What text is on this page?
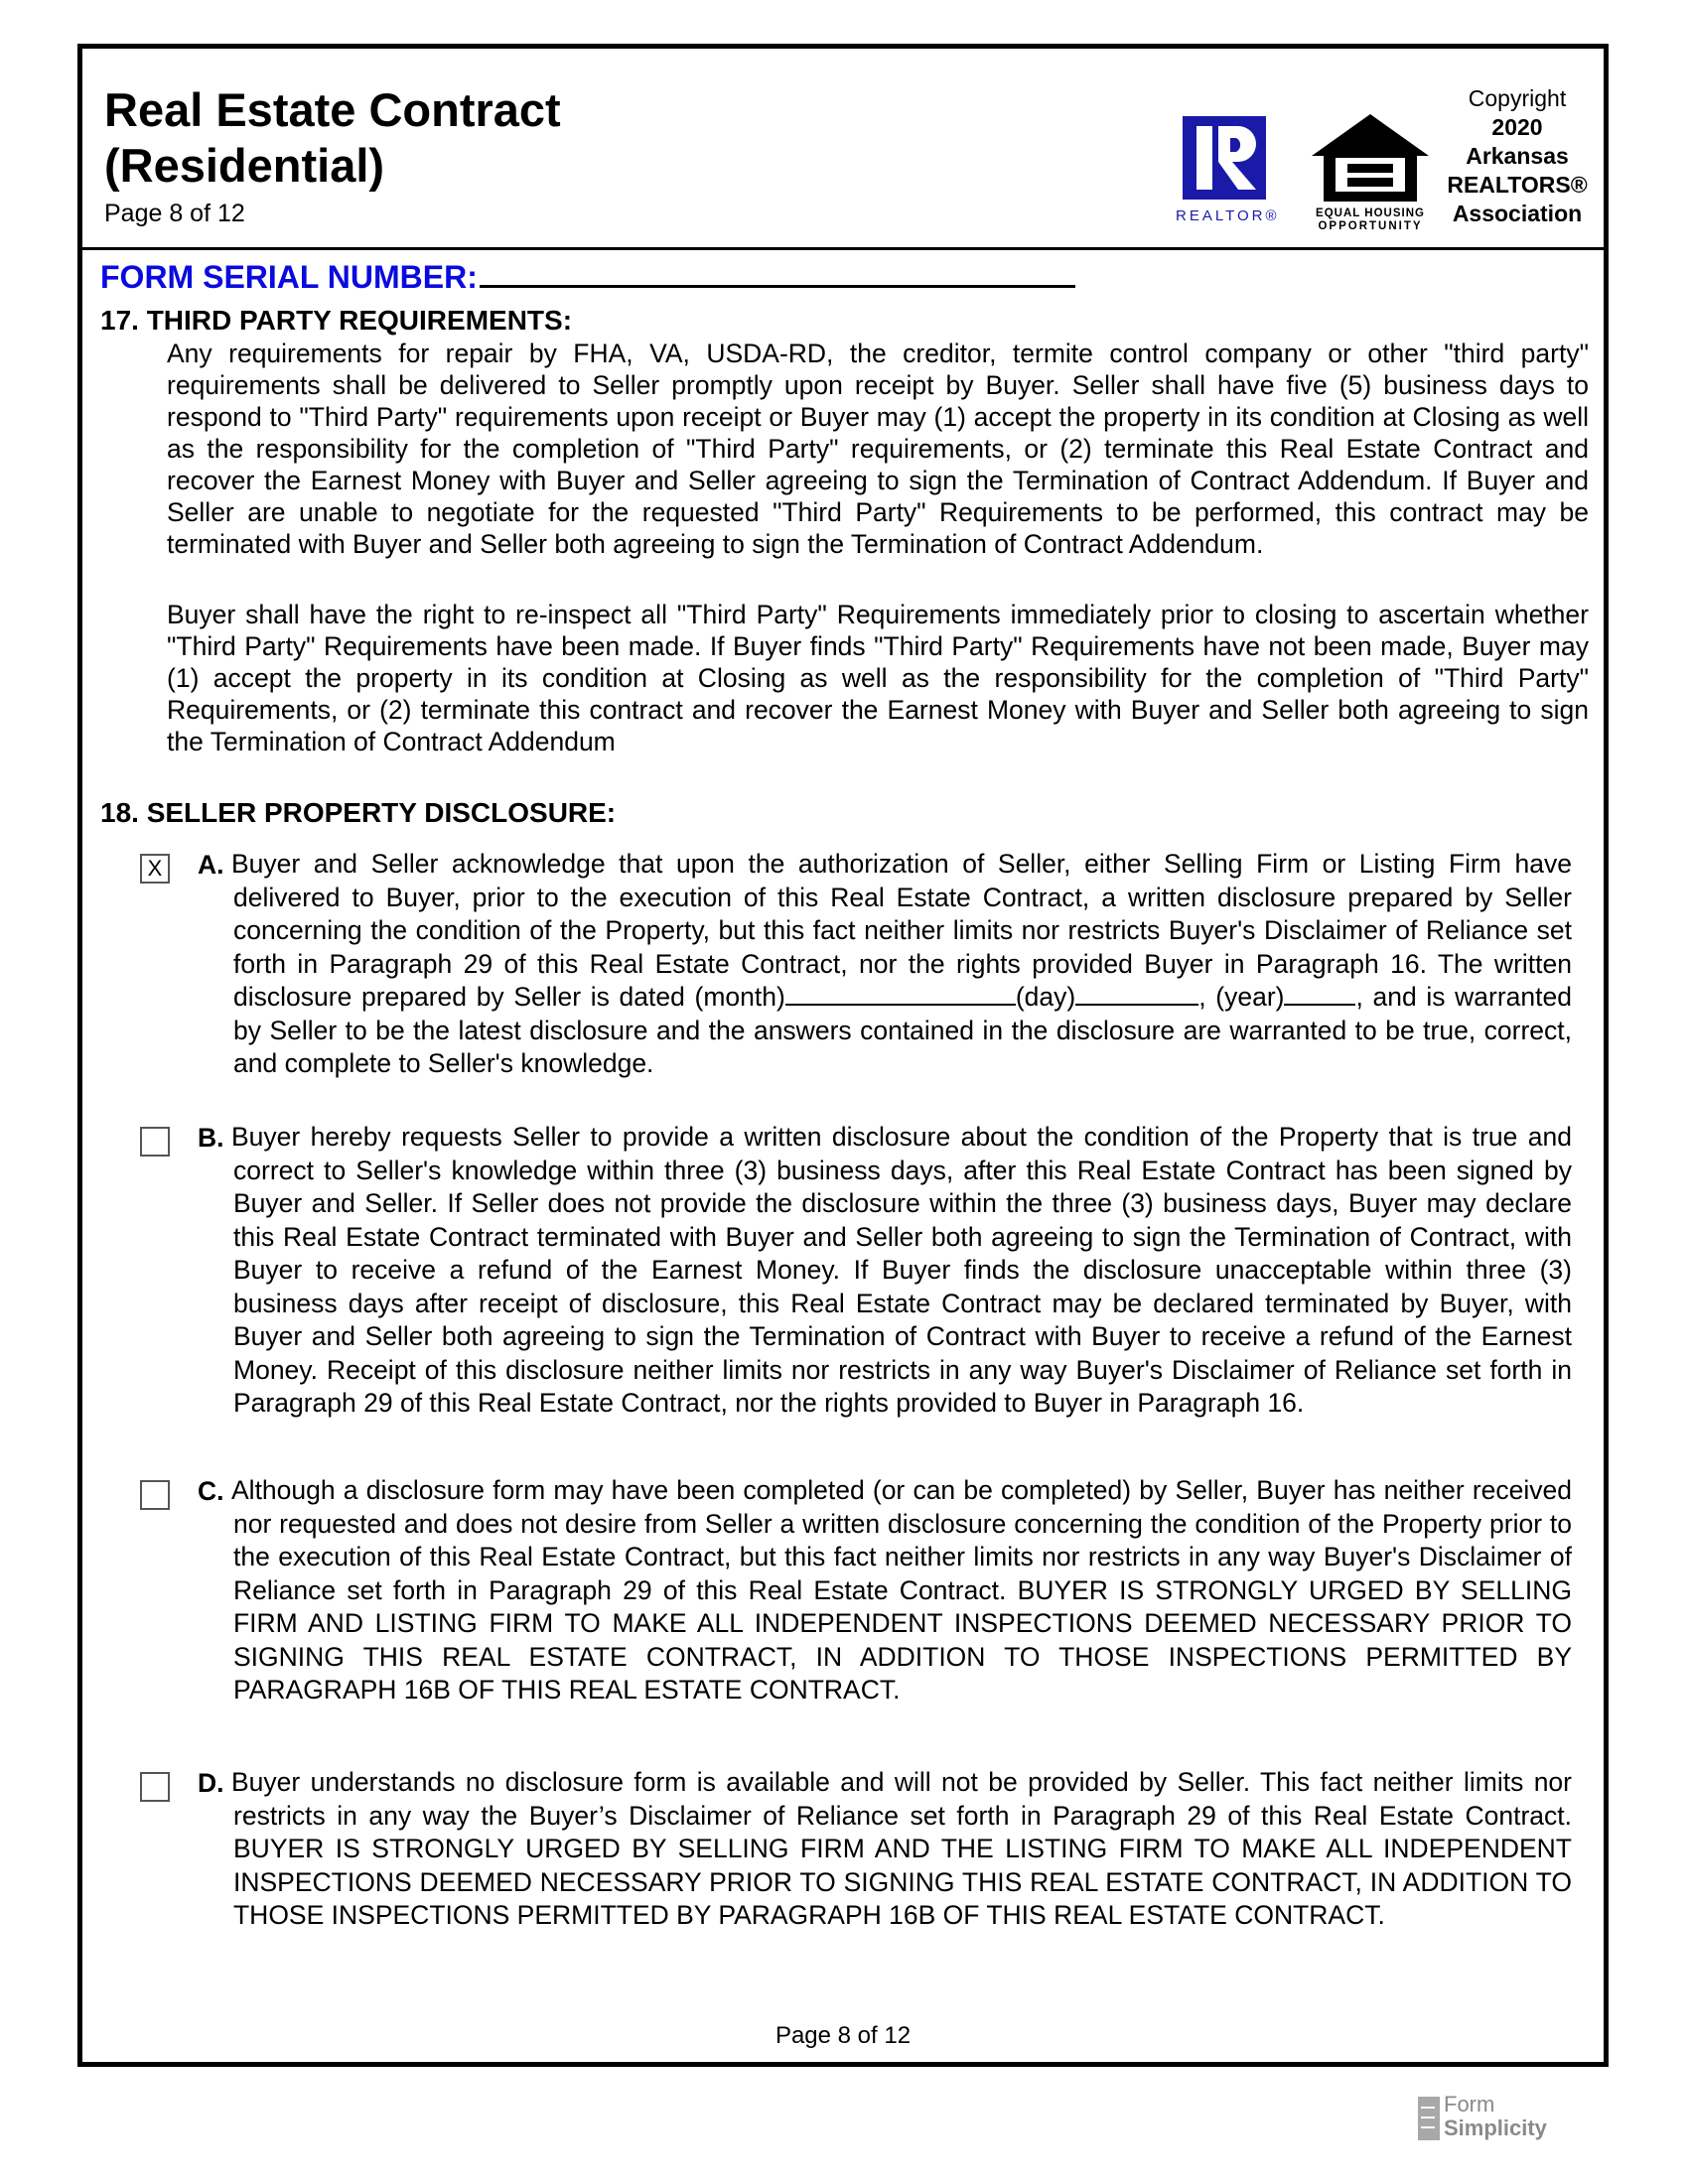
Real Estate Contract
(Residential)
Page 8 of 12	REALTOR®	EQUAL HOUSING
OPPORTUNITY
Copyright
2020
Arkansas
REALTORS®
Association
FORM SERIAL NUMBER:
17. THIRD PARTY REQUIREMENTS:
Any requirements for repair by FHA, VA, USDA-RD, the creditor, termite control company or other "third party" requirements shall be delivered to Seller promptly upon receipt by Buyer. Seller shall have five (5) business days to respond to "Third Party" requirements upon receipt or Buyer may (1) accept the property in its condition at Closing as well as the responsibility for the completion of "Third Party" requirements, or (2) terminate this Real Estate Contract and recover the Earnest Money with Buyer and Seller agreeing to sign the Termination of Contract Addendum. If Buyer and Seller are unable to negotiate for the requested "Third Party" Requirements to be performed, this contract may be terminated with Buyer and Seller both agreeing to sign the Termination of Contract Addendum.
Buyer shall have the right to re-inspect all "Third Party" Requirements immediately prior to closing to ascertain whether "Third Party" Requirements have been made. If Buyer finds "Third Party" Requirements have not been made, Buyer may (1) accept the property in its condition at Closing as well as the responsibility for the completion of "Third Party" Requirements, or (2) terminate this contract and recover the Earnest Money with Buyer and Seller both agreeing to sign the Termination of Contract Addendum
18. SELLER PROPERTY DISCLOSURE:
X A. Buyer and Seller acknowledge that upon the authorization of Seller, either Selling Firm or Listing Firm have delivered to Buyer, prior to the execution of this Real Estate Contract, a written disclosure prepared by Seller concerning the condition of the Property, but this fact neither limits nor restricts Buyer's Disclaimer of Reliance set forth in Paragraph 29 of this Real Estate Contract, nor the rights provided Buyer in Paragraph 16. The written disclosure prepared by Seller is dated (month)	(day)	, (year)	, and is warranted by Seller to be the latest disclosure and the answers contained in the disclosure are warranted to be true, correct, and complete to Seller's knowledge.
B. Buyer hereby requests Seller to provide a written disclosure about the condition of the Property that is true and correct to Seller's knowledge within three (3) business days, after this Real Estate Contract has been signed by Buyer and Seller. If Seller does not provide the disclosure within the three (3) business days, Buyer may declare this Real Estate Contract terminated with Buyer and Seller both agreeing to sign the Termination of Contract, with Buyer to receive a refund of the Earnest Money. If Buyer finds the disclosure unacceptable within three (3) business days after receipt of disclosure, this Real Estate Contract may be declared terminated by Buyer, with Buyer and Seller both agreeing to sign the Termination of Contract with Buyer to receive a refund of the Earnest Money. Receipt of this disclosure neither limits nor restricts in any way Buyer's Disclaimer of Reliance set forth in Paragraph 29 of this Real Estate Contract, nor the rights provided to Buyer in Paragraph 16.
C. Although a disclosure form may have been completed (or can be completed) by Seller, Buyer has neither received nor requested and does not desire from Seller a written disclosure concerning the condition of the Property prior to the execution of this Real Estate Contract, but this fact neither limits nor restricts in any way Buyer's Disclaimer of Reliance set forth in Paragraph 29 of this Real Estate Contract. BUYER IS STRONGLY URGED BY SELLING FIRM AND LISTING FIRM TO MAKE ALL INDEPENDENT INSPECTIONS DEEMED NECESSARY PRIOR TO SIGNING THIS REAL ESTATE CONTRACT, IN ADDITION TO THOSE INSPECTIONS PERMITTED BY PARAGRAPH 16B OF THIS REAL ESTATE CONTRACT.
D. Buyer understands no disclosure form is available and will not be provided by Seller. This fact neither limits nor restricts in any way the Buyer’s Disclaimer of Reliance set forth in Paragraph 29 of this Real Estate Contract. BUYER IS STRONGLY URGED BY SELLING FIRM AND THE LISTING FIRM TO MAKE ALL INDEPENDENT INSPECTIONS DEEMED NECESSARY PRIOR TO SIGNING THIS REAL ESTATE CONTRACT, IN ADDITION TO THOSE INSPECTIONS PERMITTED BY PARAGRAPH 16B OF THIS REAL ESTATE CONTRACT.
Page 8 of 12
Form
Simplicity
